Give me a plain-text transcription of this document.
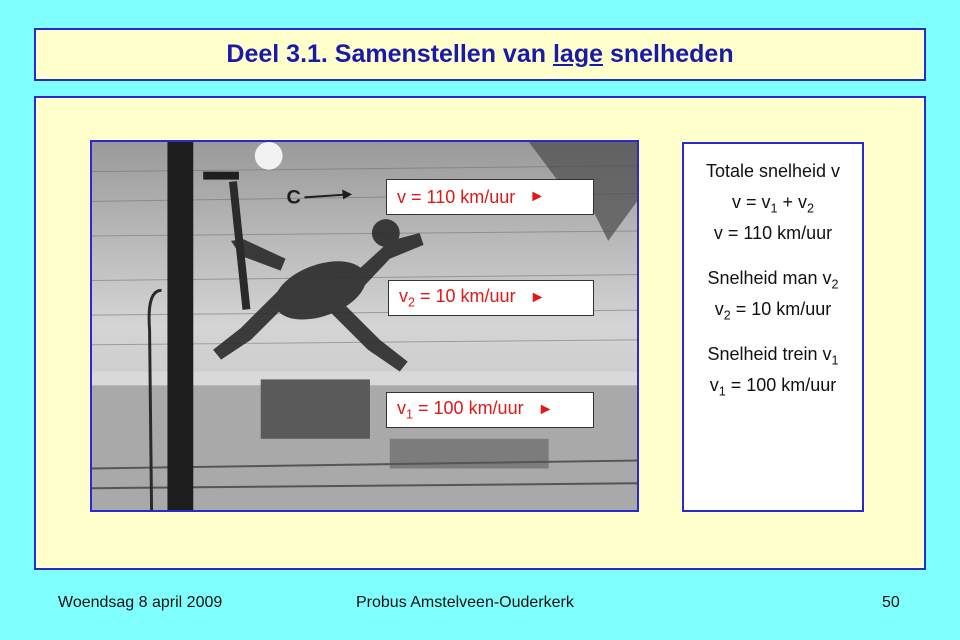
Deel 3.1. Samenstellen van lage snelheden
C	v = 110 km/uur ►
$v_2 = 10$ km/uur ►
$v_1 = 100$ km/uur ►
Totale snelheid v
$v = v_1 + v_2$
v = 110 km/uur
Snelheid man $v_2$
$v_2 = 10$ km/uur
Snelheid trein $v_1$
$v_1 = 100$ km/uur
Woendsag 8 april 2009	Probus Amstelveen-Ouderkerk	50
